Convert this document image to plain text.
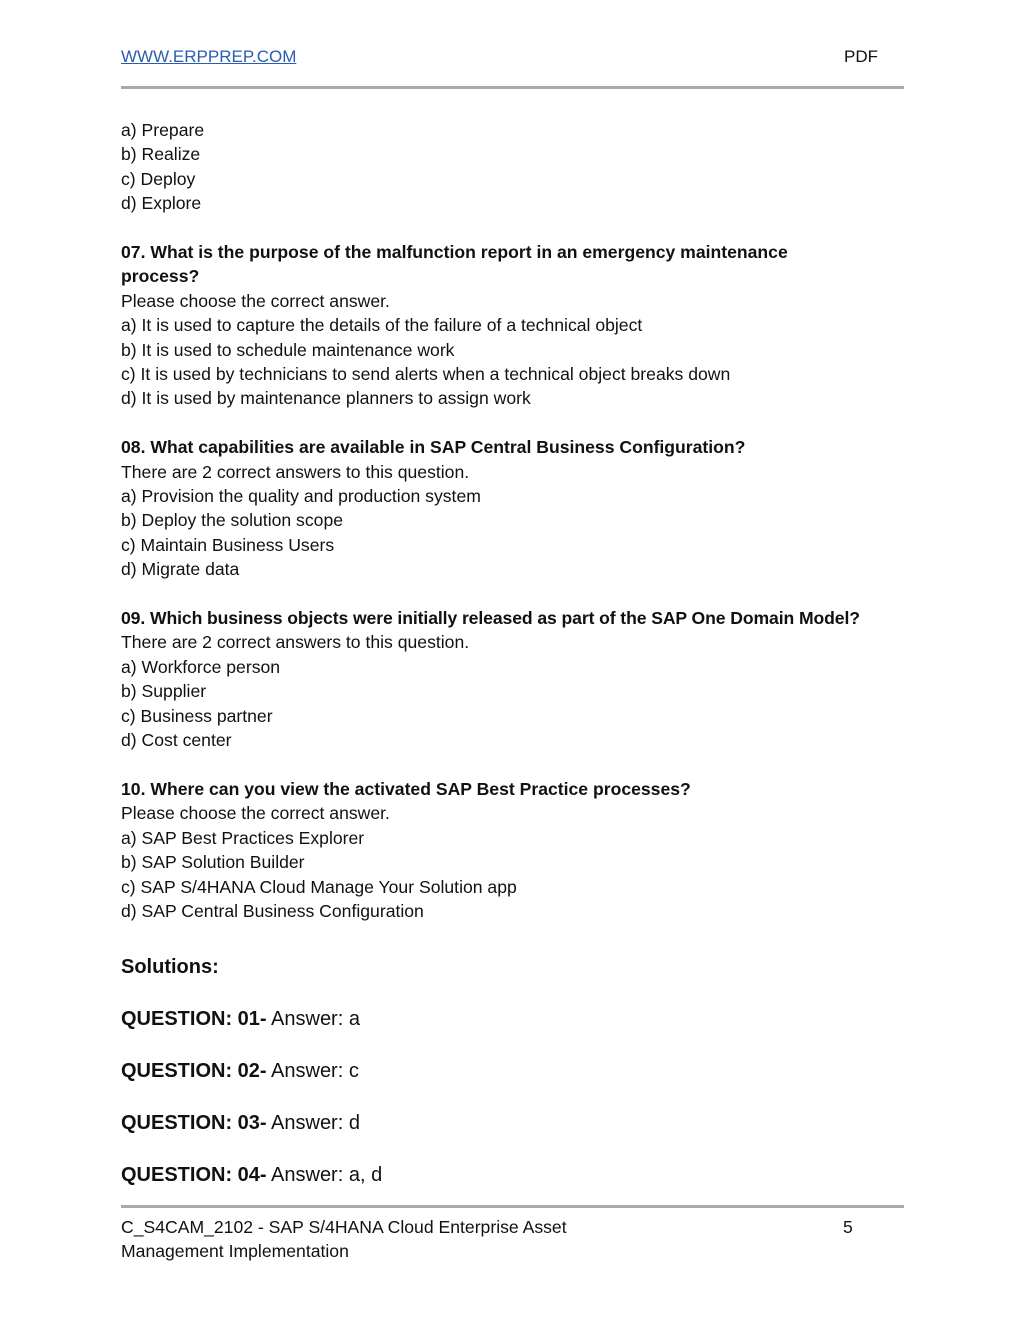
WWW.ERPPREP.COM	PDF

a) Prepare

b) Realize

c) Deploy

d) Explore

07. What is the purpose of the malfunction report in an emergency maintenance process?

Please choose the correct answer.

a) It is used to capture the details of the failure of a technical object

b) It is used to schedule maintenance work

c) It is used by technicians to send alerts when a technical object breaks down

d) It is used by maintenance planners to assign work

08. What capabilities are available in SAP Central Business Configuration?

There are 2 correct answers to this question.

a) Provision the quality and production system

b) Deploy the solution scope

c) Maintain Business Users

d) Migrate data

09. Which business objects were initially released as part of the SAP One Domain Model?

There are 2 correct answers to this question.

a) Workforce person

b) Supplier

c) Business partner

d) Cost center

10. Where can you view the activated SAP Best Practice processes?

Please choose the correct answer.

a) SAP Best Practices Explorer

b) SAP Solution Builder

c) SAP S/4HANA Cloud Manage Your Solution app

d) SAP Central Business Configuration

Solutions:

QUESTION: 01- Answer: a

QUESTION: 02- Answer: c

QUESTION: 03- Answer: d

QUESTION: 04- Answer: a, d

C_S4CAM_2102 - SAP S/4HANA Cloud Enterprise Asset
Management Implementation
5
